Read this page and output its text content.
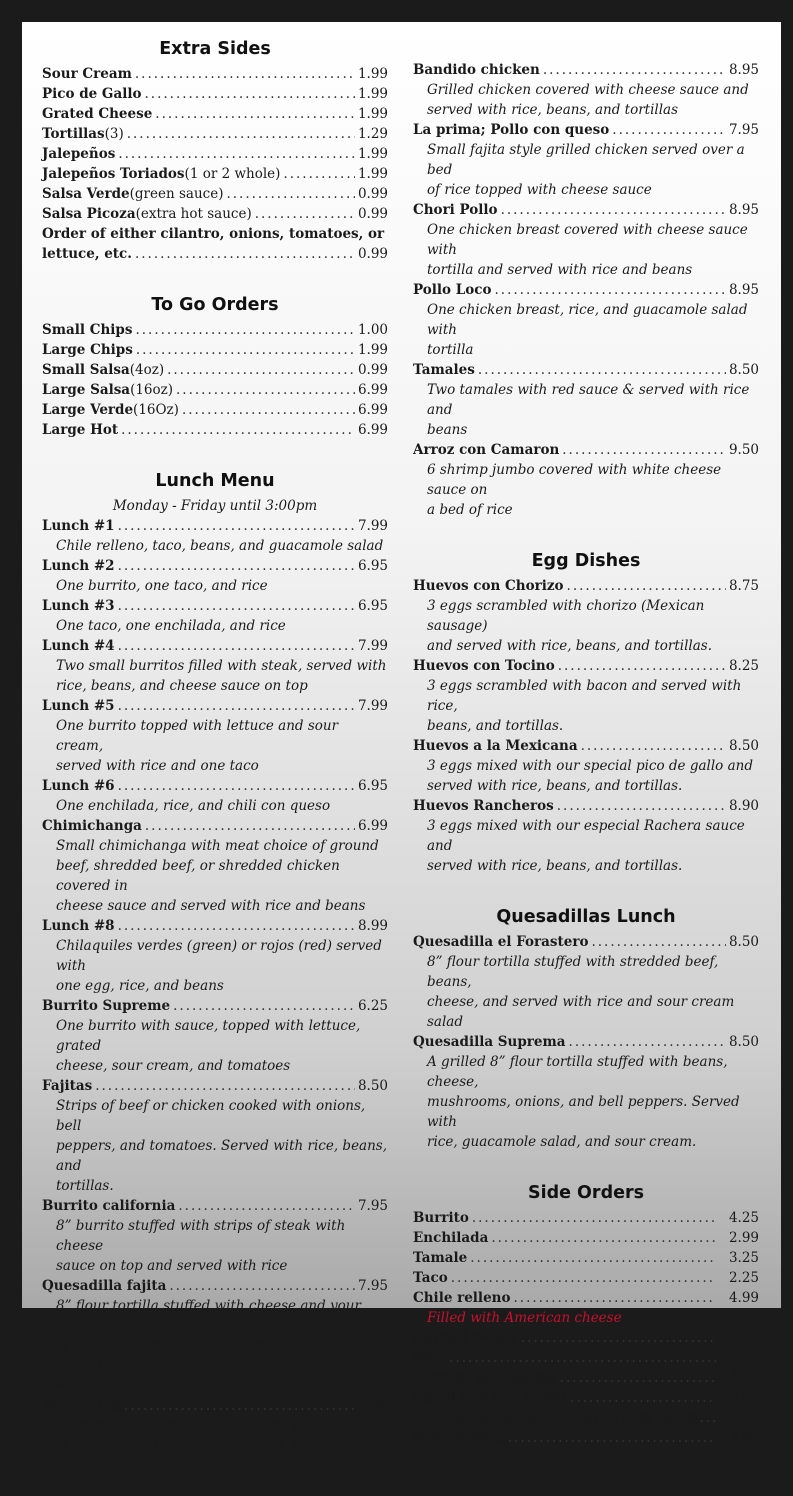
Extra Sides
Sour Cream .....	1.99
Pico de Gallo .....	1.99
Grated Cheese .....	1.99
Tortillas (3) .....	1.29
Jalepeños .....	1.99
Jalepeños Toriados (1 or 2 whole) .....	1.99
Salsa Verde (green sauce) .....	0.99
Salsa Picoza (extra hot sauce) .....	0.99
Order of either cilantro, onions, tomatoes, or
lettuce, etc. .....	0.99
To Go Orders
Small Chips .....	1.00
Large Chips .....	1.99
Small Salsa (4oz) .....	0.99
Large Salsa (16oz) .....	6.99
Large Verde (16Oz) .....	6.99
Large Hot .....	6.99
Lunch Menu
Monday - Friday until 3:00pm
Lunch #1 .....	7.99
Chile relleno, taco, beans, and guacamole salad
Lunch #2 .....	6.95
One burrito, one taco, and rice
Lunch #3 .....	6.95
One taco, one enchilada, and rice
Lunch #4 .....	7.99
Two small burritos filled with steak, served with
rice, beans, and cheese sauce on top
Lunch #5 .....	7.99
One burrito topped with lettuce and sour cream,
served with rice and one taco
Lunch #6 .....	6.95
One enchilada, rice, and chili con queso
Chimichanga .....	6.99
Small chimichanga with meat choice of ground
beef, shredded beef, or shredded chicken covered in
cheese sauce and served with rice and beans
Lunch #8 .....	8.99
Chilaquiles verdes (green) or rojos (red) served with
one egg, rice, and beans
Burrito Supreme .....	6.25
One burrito with sauce, topped with lettuce, grated
cheese, sour cream, and tomatoes
Fajitas .....	8.50
Strips of beef or chicken cooked with onions, bell
peppers, and tomatoes. Served with rice, beans, and
tortillas.
Burrito california .....	7.95
8” burrito stuffed with strips of steak with cheese
sauce on top and served with rice
Quesadilla fajita .....	7.95
8” flour tortilla stuffed with cheese and your choice
of chicken or steak, grilled with onion and served
with rice
Taco salad .....	7.95
A crispy flour tortilla topped with your choice of
shredded chicken or ground beef, tomatoes, lettuce,
and sour cream
Bandido chicken .....	8.95
Grilled chicken covered with cheese sauce and
served with rice, beans, and tortillas
La prima; Pollo con queso .....	7.95
Small fajita style grilled chicken served over a bed
of rice topped with cheese sauce
Chori Pollo .....	8.95
One chicken breast covered with cheese sauce with
tortilla and served with rice and beans
Pollo Loco .....	8.95
One chicken breast, rice, and guacamole salad with
tortilla
Tamales .....	8.50
Two tamales with red sauce & served with rice and
beans
Arroz con Camaron .....	9.50
6 shrimp jumbo covered with white cheese sauce on
a bed of rice
Egg Dishes
Huevos con Chorizo .....	8.75
3 eggs scrambled with chorizo (Mexican sausage)
and served with rice, beans, and tortillas.
Huevos con Tocino .....	8.25
3 eggs scrambled with bacon and served with rice,
beans, and tortillas.
Huevos a la Mexicana .....	8.50
3 eggs mixed with our special pico de gallo and
served with rice, beans, and tortillas.
Huevos Rancheros .....	8.90
3 eggs mixed with our especial Rachera sauce and
served with rice, beans, and tortillas.
Quesadillas Lunch
Quesadilla el Forastero .....	8.50
8” flour tortilla stuffed with stredded beef, beans,
cheese, and served with rice and sour cream salad
Quesadilla Suprema .....	8.50
A grilled 8” flour tortilla stuffed with beans, cheese,
mushrooms, onions, and bell peppers. Served with
rice, guacamole salad, and sour cream.
Side Orders
Burrito .....	4.25
Enchilada .....	2.99
Tamale .....	3.25
Taco .....	2.25
Chile relleno .....	4.99
Filled with American cheese
Refried beans .....	2.50
Rice .....	2.50
Tostada or chalupa .....	4.25
Small chicken chimi .....	5.00
Guacamole salad or sour cream salad ..... 5.00
French fries .....	3.99
